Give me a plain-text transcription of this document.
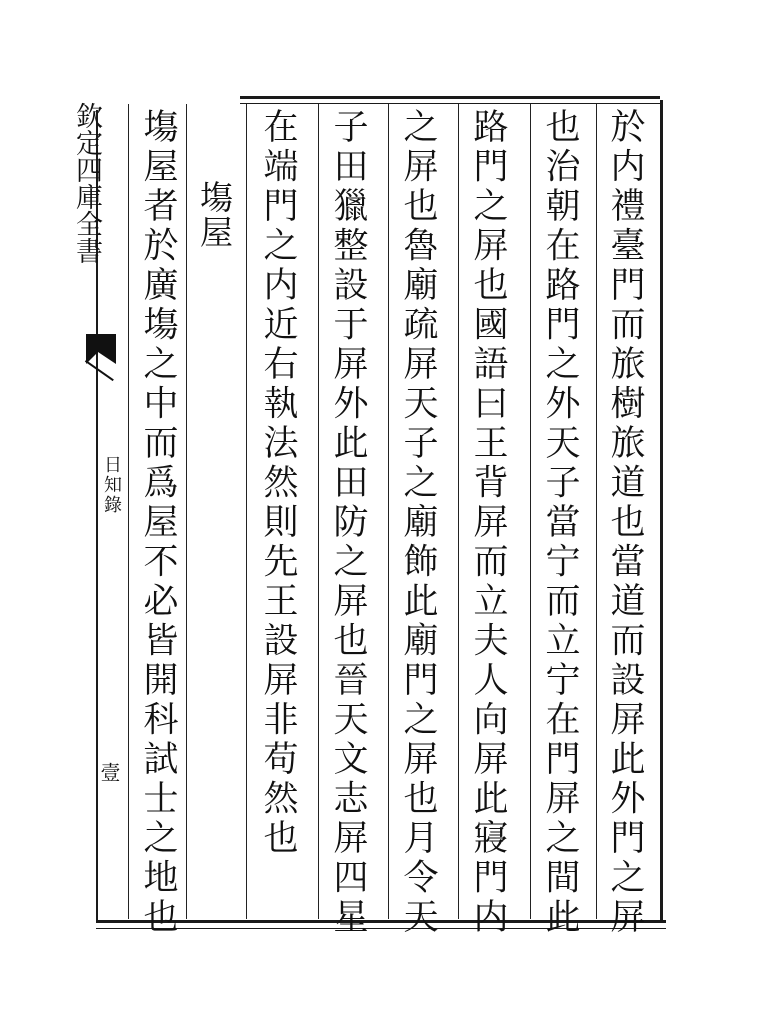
欽定四庫全書
日知錄
壹	於内禮臺門而旅樹旅道也當道而設屏此外門之屏
也治朝在路門之外天子當宁而立宁在門屏之間此
路門之屏也國語曰王背屏而立夫人向屏此寢門内
之屏也魯廟疏屏天子之廟飾此廟門之屏也月令天
子田獵整設于屏外此田防之屏也晉天文志屏四星
在端門之内近右執法然則先王設屏非苟然也
塲屋
塲屋者於廣塲之中而爲屋不必皆開科試士之地也
